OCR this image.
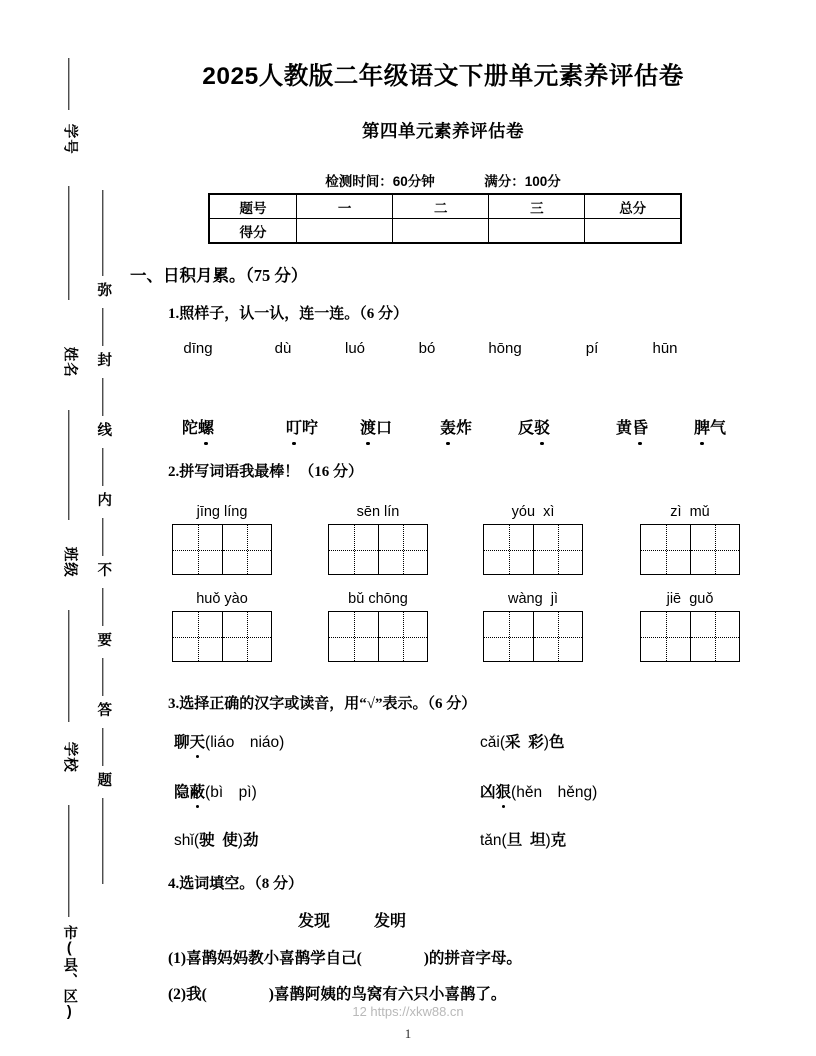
学号
姓名
班级
学校
市(县、区)
弥
封
线
内
不
要
答
题
2025人教版二年级语文下册单元素养评估卷
第四单元素养评估卷
检测时间：60分钟	满分：100分
题号	一	二	三	总分
得分				
一、日积月累。（75 分）
1.照样子，认一认，连一连。（6 分）
dīng	dù	luó	bó	hōng	pí	hūn
陀螺	叮咛	渡口	轰炸	反驳	黄昏	脾气
2.拼写词语我最棒！（16 分）
jīng líng	sēn lín	yóu xì	zì mǔ
huǒ yào	bǔ chōng	wàng jì	jiē guǒ
3.选择正确的汉字或读音，用“√”表示。（6 分）
聊天(liáo niáo)	cǎi(采 彩)色
隐蔽(bì pì)	凶狠(hěn hěng)
shǐ(驶 使)劲	tǎn(旦 坦)克
4.选词填空。（8 分）
发现	发明
(1)喜鹊妈妈教小喜鹊学自己(	)的拼音字母。
(2)我(	)喜鹊阿姨的鸟窝有六只小喜鹊了。
12 https://xkw88.cn
1
